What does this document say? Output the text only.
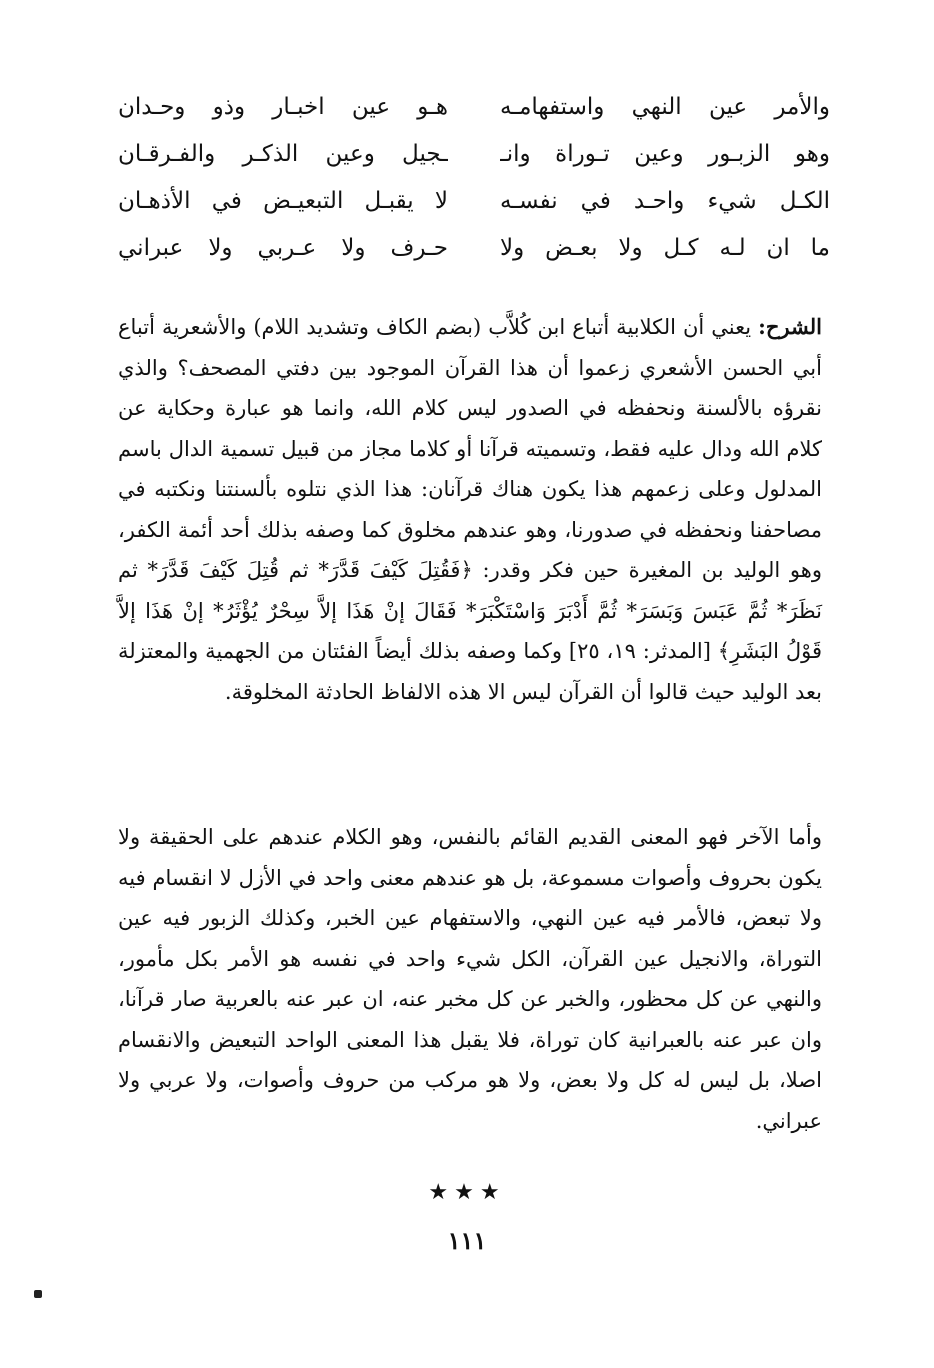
والأمر عين النهي واستفهامـه
هـو عين اخبـار وذو وحـدان
وهو الزبـور وعين تـوراة وانـ
ـجيل وعين الذكـر والفـرقـان
الكـل شيء واحـد في نفسـه
لا يقبـل التبعيـض في الأذهـان
ما ان لـه كـل ولا بعـض ولا
حـرف ولا عـربي ولا عبراني

الشرح: يعني أن الكلابية أتباع ابن كُلاَّب (بضم الكاف وتشديد اللام) والأشعرية أتباع أبي الحسن الأشعري زعموا أن هذا القرآن الموجود بين دفتي المصحف؟ والذي نقرؤه بالألسنة ونحفظه في الصدور ليس كلام الله، وانما هو عبارة وحكاية عن كلام الله ودال عليه فقط، وتسميته قرآنا أو كلاما مجاز من قبيل تسمية الدال باسم المدلول وعلى زعمهم هذا يكون هناك قرآنان: هذا الذي نتلوه بألسنتنا ونكتبه في مصاحفنا ونحفظه في صدورنا، وهو عندهم مخلوق كما وصفه بذلك أحد أئمة الكفر، وهو الوليد بن المغيرة حين فكر وقدر: ﴿فَقُتِلَ كَيْفَ قَدَّرَ* ثم قُتِلَ كَيْفَ قَدَّرَ* ثم نَظَرَ* ثُمَّ عَبَسَ وَبَسَرَ* ثُمَّ أَدْبَرَ وَاسْتَكْبَرَ* فَقَالَ إنْ هَذَا إلاَّ سِحْرٌ يُؤْثَرُ* إنْ هَذَا إلاَّ قَوْلُ البَشَرِ﴾ [المدثر: ١٩، ٢٥] وكما وصفه بذلك أيضاً الفئتان من الجهمية والمعتزلة بعد الوليد حيث قالوا أن القرآن ليس الا هذه الالفاظ الحادثة المخلوقة.

وأما الآخر فهو المعنى القديم القائم بالنفس، وهو الكلام عندهم على الحقيقة ولا يكون بحروف وأصوات مسموعة، بل هو عندهم معنى واحد في الأزل لا انقسام فيه ولا تبعض، فالأمر فيه عين النهي، والاستفهام عين الخبر، وكذلك الزبور فيه عين التوراة، والانجيل عين القرآن، الكل شيء واحد في نفسه هو الأمر بكل مأمور، والنهي عن كل محظور، والخبر عن كل مخبر عنه، ان عبر عنه بالعربية صار قرآنا، وان عبر عنه بالعبرانية كان توراة، فلا يقبل هذا المعنى الواحد التبعيض والانقسام اصلا، بل ليس له كل ولا بعض، ولا هو مركب من حروف وأصوات، ولا عربي ولا عبراني.

★★★
١١١
